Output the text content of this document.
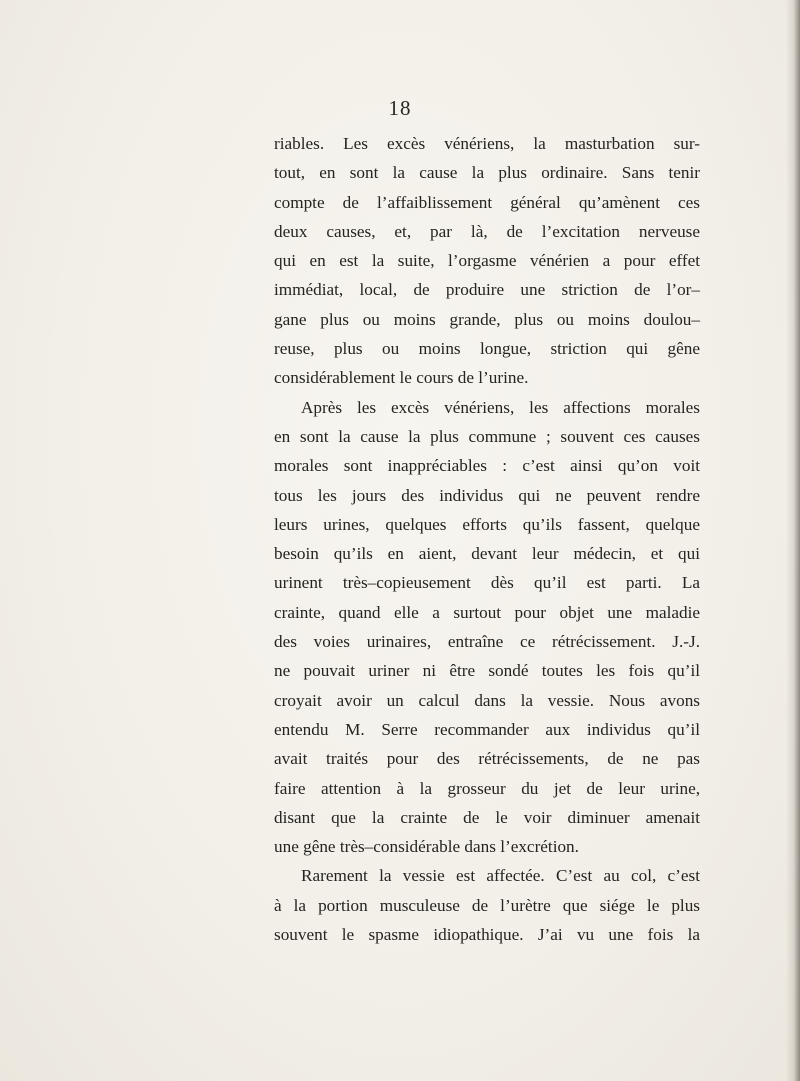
18
riables. Les excès vénériens, la masturbation sur-
tout, en sont la cause la plus ordinaire. Sans tenir
compte de l’affaiblissement général qu’amènent ces
deux causes, et, par là, de l’excitation nerveuse
qui en est la suite, l’orgasme vénérien a pour effet
immédiat, local, de produire une striction de l’or–
gane plus ou moins grande, plus ou moins doulou–
reuse, plus ou moins longue, striction qui gêne
considérablement le cours de l’urine.
Après les excès vénériens, les affections morales
en sont la cause la plus commune ; souvent ces causes
morales sont inappréciables : c’est ainsi qu’on voit
tous les jours des individus qui ne peuvent rendre
leurs urines, quelques efforts qu’ils fassent, quelque
besoin qu’ils en aient, devant leur médecin, et qui
urinent très–copieusement dès qu’il est parti. La
crainte, quand elle a surtout pour objet une maladie
des voies urinaires, entraîne ce rétrécissement. J.-J.
ne pouvait uriner ni être sondé toutes les fois qu’il
croyait avoir un calcul dans la vessie. Nous avons
entendu M. Serre recommander aux individus qu’il
avait traités pour des rétrécissements, de ne pas
faire attention à la grosseur du jet de leur urine,
disant que la crainte de le voir diminuer amenait
une gêne très–considérable dans l’excrétion.
Rarement la vessie est affectée. C’est au col, c’est
à la portion musculeuse de l’urètre que siége le plus
souvent le spasme idiopathique. J’ai vu une fois la
